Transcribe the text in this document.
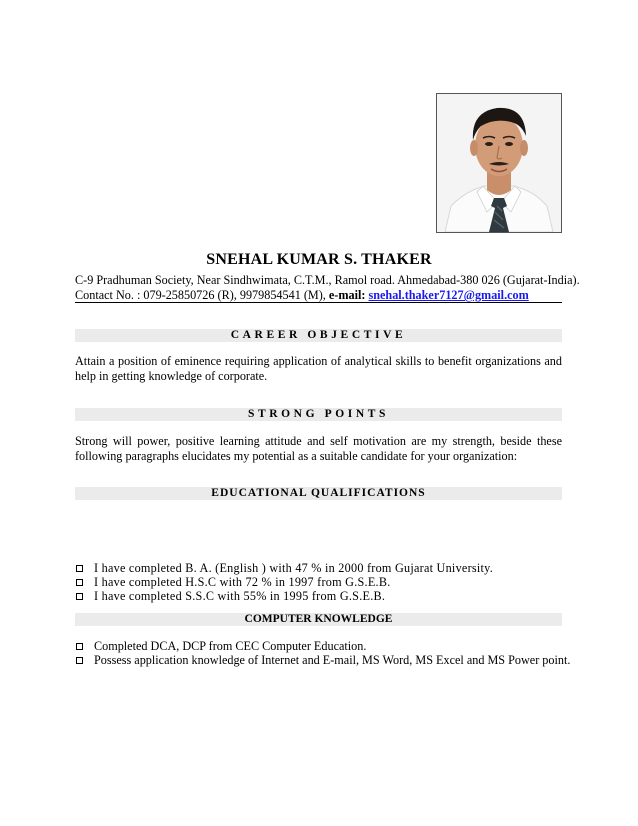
SNEHAL KUMAR S. THAKER
C-9 Pradhuman Society, Near Sindhwimata, C.T.M., Ramol road. Ahmedabad-380 026 (Gujarat-India).
Contact No. : 079-25850726 (R), 9979854541 (M), e-mail: snehal.thaker7127@gmail.com
CAREER OBJECTIVE
Attain a position of eminence requiring application of analytical skills to benefit organizations and help in getting knowledge of corporate.
STRONG POINTS
Strong will power, positive learning attitude and self motivation are my strength, beside these following paragraphs elucidates my potential as a suitable candidate for your organization:
EDUCATIONAL QUALIFICATIONS
I have completed B. A. (English ) with 47 % in 2000 from Gujarat University.
I have completed H.S.C with 72 % in 1997 from G.S.E.B.
I have completed S.S.C with 55% in 1995 from G.S.E.B.
COMPUTER KNOWLEDGE
Completed DCA, DCP from CEC Computer Education.
Possess application knowledge of Internet and E-mail, MS Word, MS Excel and MS Power point.
